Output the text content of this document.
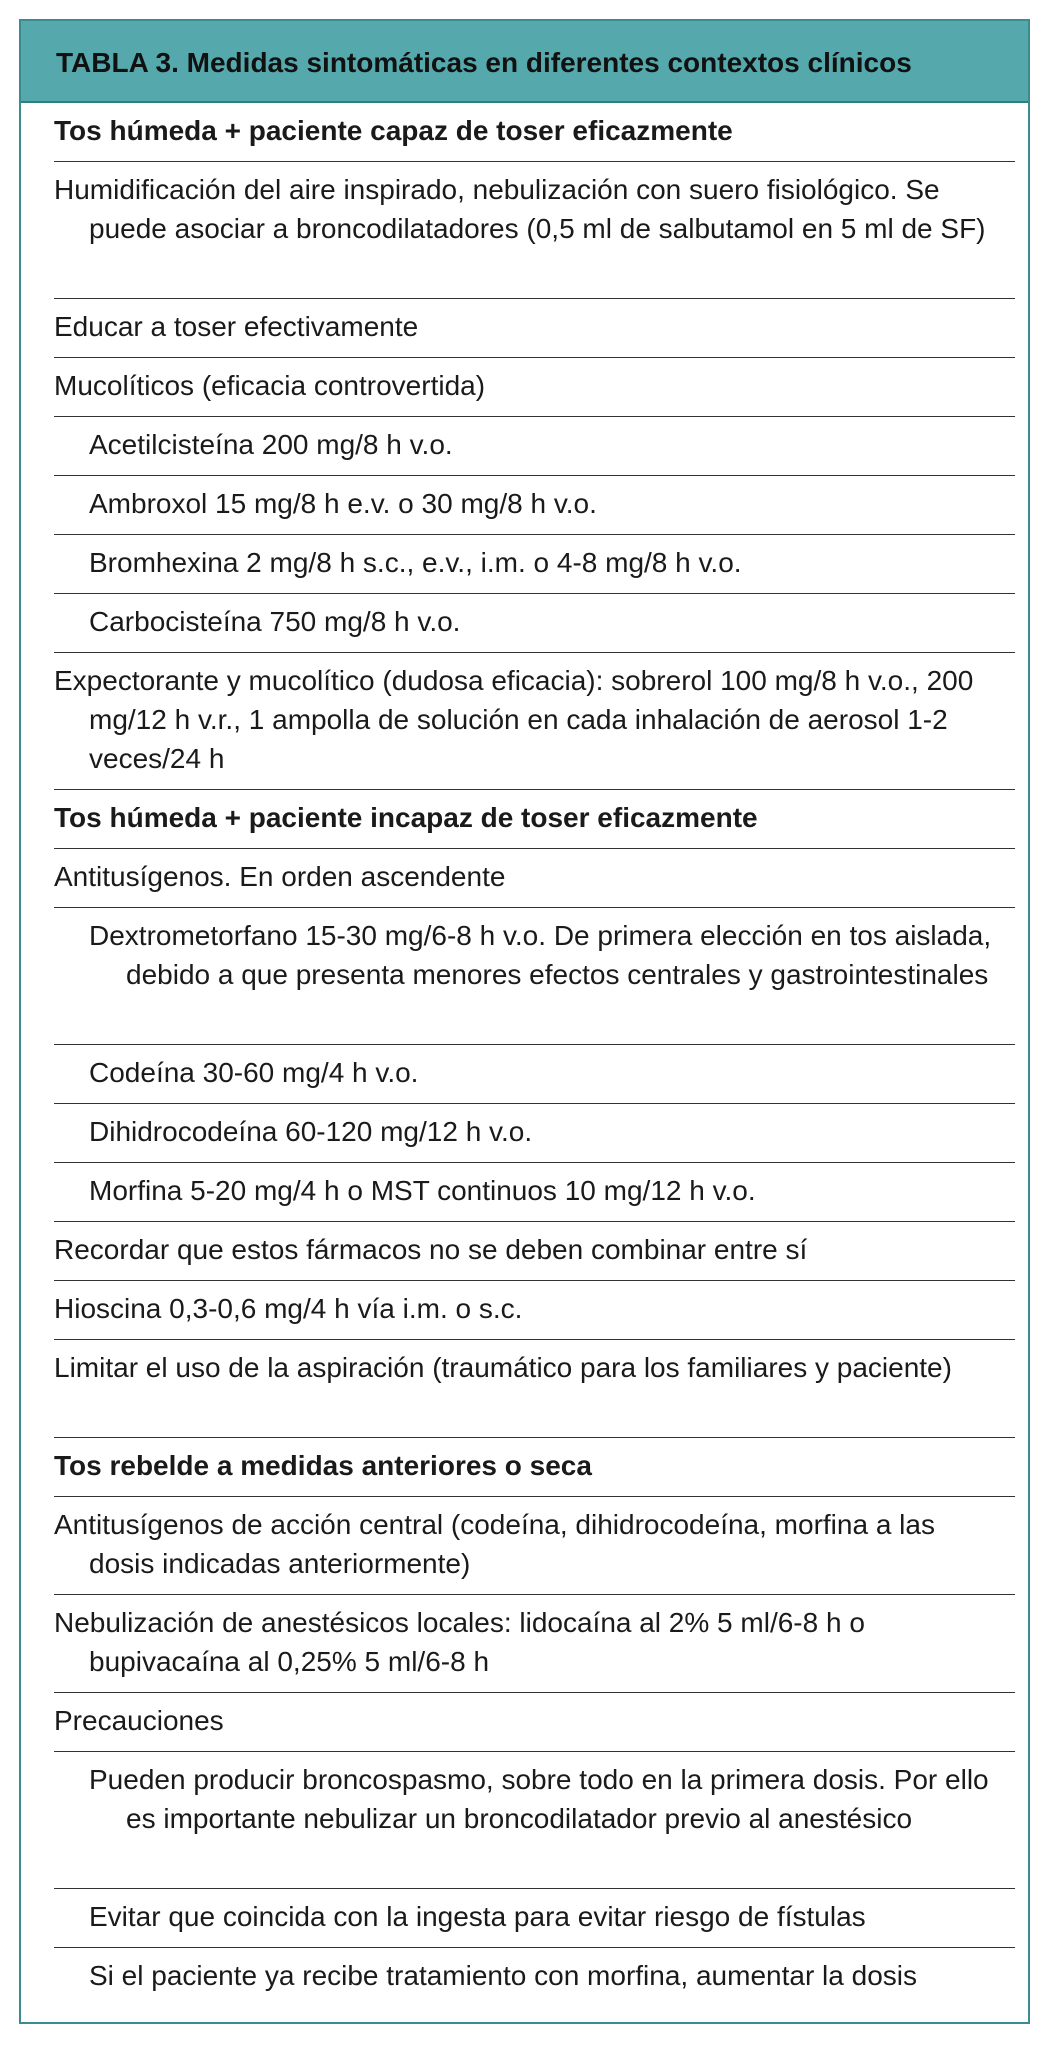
TABLA 3. Medidas sintomáticas en diferentes contextos clínicos
Tos húmeda + paciente capaz de toser eficazmente
Humidificación del aire inspirado, nebulización con suero fisiológico. Se puede asociar a broncodilatadores (0,5 ml de salbutamol en 5 ml de SF)
Educar a toser efectivamente
Mucolíticos (eficacia controvertida)
Acetilcisteína 200 mg/8 h v.o.
Ambroxol 15 mg/8 h e.v. o 30 mg/8 h v.o.
Bromhexina 2 mg/8 h s.c., e.v., i.m. o 4-8 mg/8 h v.o.
Carbocisteína 750 mg/8 h v.o.
Expectorante y mucolítico (dudosa eficacia): sobrerol 100 mg/8 h v.o., 200 mg/12 h v.r., 1 ampolla de solución en cada inhalación de aerosol 1-2 veces/24 h
Tos húmeda + paciente incapaz de toser eficazmente
Antitusígenos. En orden ascendente
Dextrometorfano 15-30 mg/6-8 h v.o. De primera elección en tos aislada, debido a que presenta menores efectos centrales y gastrointestinales
Codeína 30-60 mg/4 h v.o.
Dihidrocodeína 60-120 mg/12 h v.o.
Morfina 5-20 mg/4 h o MST continuos 10 mg/12 h v.o.
Recordar que estos fármacos no se deben combinar entre sí
Hioscina 0,3-0,6 mg/4 h vía i.m. o s.c.
Limitar el uso de la aspiración (traumático para los familiares y paciente)
Tos rebelde a medidas anteriores o seca
Antitusígenos de acción central (codeína, dihidrocodeína, morfina a las dosis indicadas anteriormente)
Nebulización de anestésicos locales: lidocaína al 2% 5 ml/6-8 h o bupivacaína al 0,25% 5 ml/6-8 h
Precauciones
Pueden producir broncospasmo, sobre todo en la primera dosis. Por ello es importante nebulizar un broncodilatador previo al anestésico
Evitar que coincida con la ingesta para evitar riesgo de fístulas
Si el paciente ya recibe tratamiento con morfina, aumentar la dosis
